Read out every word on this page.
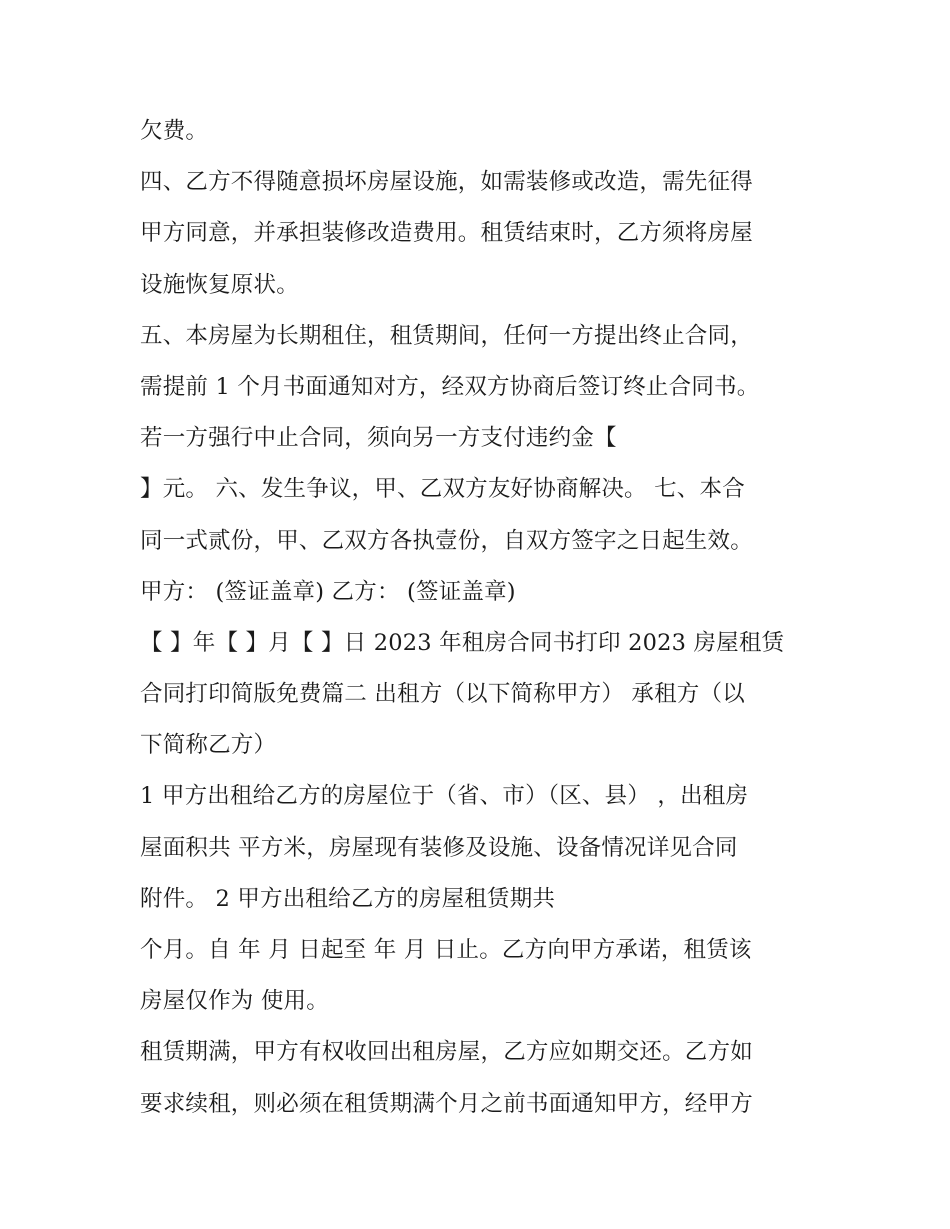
欠费。
四、乙方不得随意损坏房屋设施，如需装修或改造，需先征得
甲方同意，并承担装修改造费用。租赁结束时，乙方须将房屋
设施恢复原状。
五、本房屋为长期租住，租赁期间，任何一方提出终止合同，
需提前 1 个月书面通知对方，经双方协商后签订终止合同书。
若一方强行中止合同，须向另一方支付违约金【
】元。 六、发生争议，甲、乙双方友好协商解决。 七、本合
同一式贰份，甲、乙双方各执壹份，自双方签字之日起生效。
甲方： (签证盖章) 乙方： (签证盖章)
【 】年【 】月【 】日 2023 年租房合同书打印 2023 房屋租赁
合同打印简版免费篇二 出租方（以下简称甲方） 承租方（以
下简称乙方）
1 甲方出租给乙方的房屋位于（省、市）（区、县） ，出租房
屋面积共 平方米，房屋现有装修及设施、设备情况详见合同
附件。 2 甲方出租给乙方的房屋租赁期共
个月。自 年 月 日起至 年 月 日止。乙方向甲方承诺，租赁该
房屋仅作为 使用。
租赁期满，甲方有权收回出租房屋，乙方应如期交还。乙方如
要求续租，则必须在租赁期满个月之前书面通知甲方，经甲方
